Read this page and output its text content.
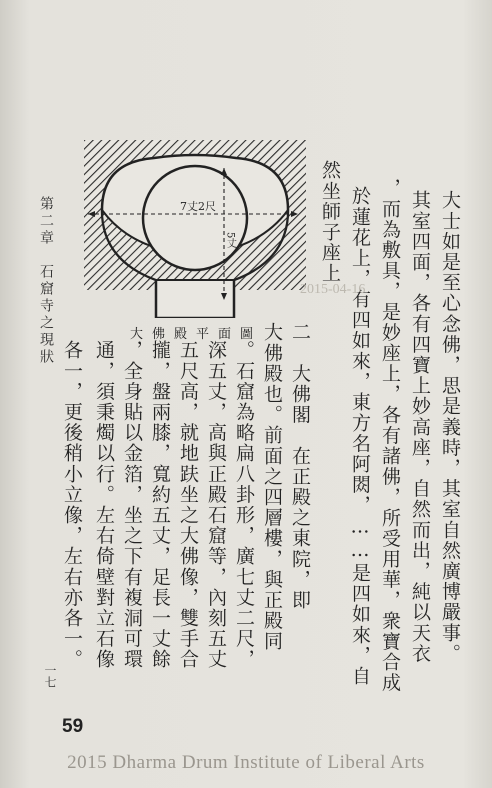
7丈2尺
5丈
大佛殿平面圖	大士如是至心念佛，思是義時，其室自然廣博嚴事。
其室四面，各有四寶上妙高座，自然而出，純以天衣
，而為敷具，是妙座上，各有諸佛，所受用華，衆寶合成
於蓮花上，有四如來，東方名阿閦，……是四如來，自
然坐師子座上
二　大佛閣　在正殿之東院，即
大佛殿也。前面之四層樓，與正殿同
。石窟為略扁八卦形，廣七丈二尺，
深五丈，高與正殿石窟等，內刻五丈
五尺高，就地趺坐之大佛像，雙手合
攏，盤兩膝，寬約五丈，足長一丈餘
，全身貼以金箔，坐之下有複洞可環
通，須秉燭以行。左右倚壁對立石像
各一，更後稍小立像，左右亦各一。
第二章　石窟寺之現狀
一七
59
2015-04-16
2015 Dharma Drum Institute of Liberal Arts
